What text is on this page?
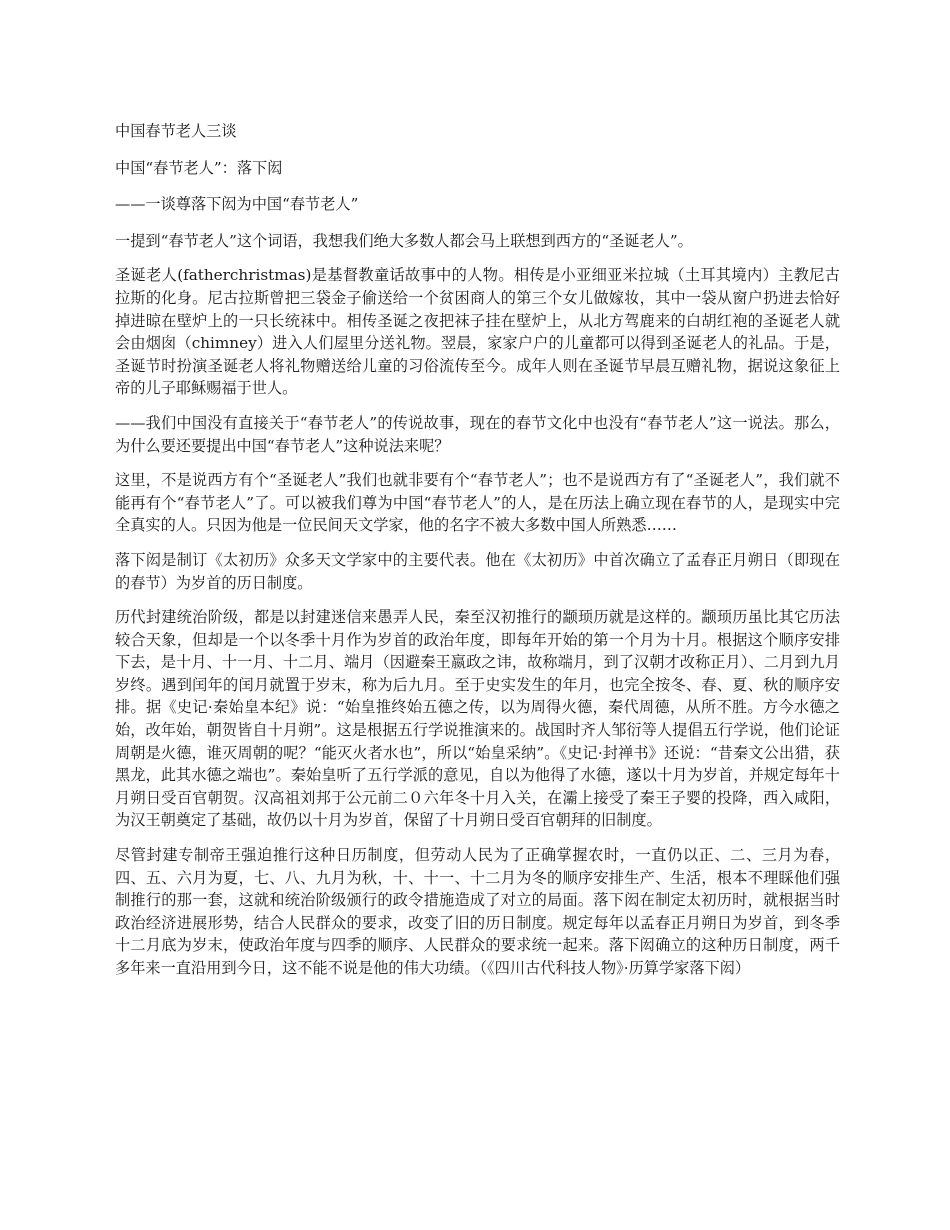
中国春节老人三谈

中国“春节老人”：落下闳

——一谈尊落下闳为中国“春节老人”

一提到“春节老人”这个词语，我想我们绝大多数人都会马上联想到西方的“圣诞老人”。

圣诞老人(fatherchristmas)是基督教童话故事中的人物。相传是小亚细亚米拉城（土耳其境内）主教尼古拉斯的化身。尼古拉斯曾把三袋金子偷送给一个贫困商人的第三个女儿做嫁妆，其中一袋从窗户扔进去恰好掉进晾在壁炉上的一只长统袜中。相传圣诞之夜把袜子挂在壁炉上，从北方驾鹿来的白胡红袍的圣诞老人就会由烟囱（chimney）进入人们屋里分送礼物。翌晨，家家户户的儿童都可以得到圣诞老人的礼品。于是，圣诞节时扮演圣诞老人将礼物赠送给儿童的习俗流传至今。成年人则在圣诞节早晨互赠礼物，据说这象征上帝的儿子耶稣赐福于世人。

——我们中国没有直接关于“春节老人”的传说故事，现在的春节文化中也没有“春节老人”这一说法。那么，为什么要还要提出中国“春节老人”这种说法来呢？

这里，不是说西方有个“圣诞老人”我们也就非要有个“春节老人”；也不是说西方有了“圣诞老人”，我们就不能再有个“春节老人”了。可以被我们尊为中国“春节老人”的人，是在历法上确立现在春节的人，是现实中完全真实的人。只因为他是一位民间天文学家，他的名字不被大多数中国人所熟悉……

落下闳是制订《太初历》众多天文学家中的主要代表。他在《太初历》中首次确立了孟春正月朔日（即现在的春节）为岁首的历日制度。

历代封建统治阶级，都是以封建迷信来愚弄人民，秦至汉初推行的颛顼历就是这样的。颛顼历虽比其它历法较合天象，但却是一个以冬季十月作为岁首的政治年度，即每年开始的第一个月为十月。根据这个顺序安排下去，是十月、十一月、十二月、端月（因避秦王嬴政之讳，故称端月，到了汉朝才改称正月）、二月到九月岁终。遇到闰年的闰月就置于岁末，称为后九月。至于史实发生的年月，也完全按冬、春、夏、秋的顺序安排。据《史记·秦始皇本纪》说：“始皇推终始五德之传，以为周得火德，秦代周德，从所不胜。方今水德之始，改年始，朝贺皆自十月朔”。这是根据五行学说推演来的。战国时齐人邹衍等人提倡五行学说，他们论证周朝是火德，谁灭周朝的呢？“能灭火者水也”，所以“始皇采纳”。《史记·封禅书》还说：“昔秦文公出猎，获黑龙，此其水德之端也”。秦始皇听了五行学派的意见，自以为他得了水德，遂以十月为岁首，并规定每年十月朔日受百官朝贺。汉高祖刘邦于公元前二０六年冬十月入关，在灞上接受了秦王子婴的投降，西入咸阳，为汉王朝奠定了基础，故仍以十月为岁首，保留了十月朔日受百官朝拜的旧制度。

尽管封建专制帝王强迫推行这种日历制度，但劳动人民为了正确掌握农时，一直仍以正、二、三月为春，四、五、六月为夏，七、八、九月为秋，十、十一、十二月为冬的顺序安排生产、生活，根本不理睬他们强制推行的那一套，这就和统治阶级颁行的政令措施造成了对立的局面。落下闳在制定太初历时，就根据当时政治经济进展形势，结合人民群众的要求，改变了旧的历日制度。规定每年以孟春正月朔日为岁首，到冬季十二月底为岁末，使政治年度与四季的顺序、人民群众的要求统一起来。落下闳确立的这种历日制度，两千多年来一直沿用到今日，这不能不说是他的伟大功绩。（《四川古代科技人物》·历算学家落下闳）
